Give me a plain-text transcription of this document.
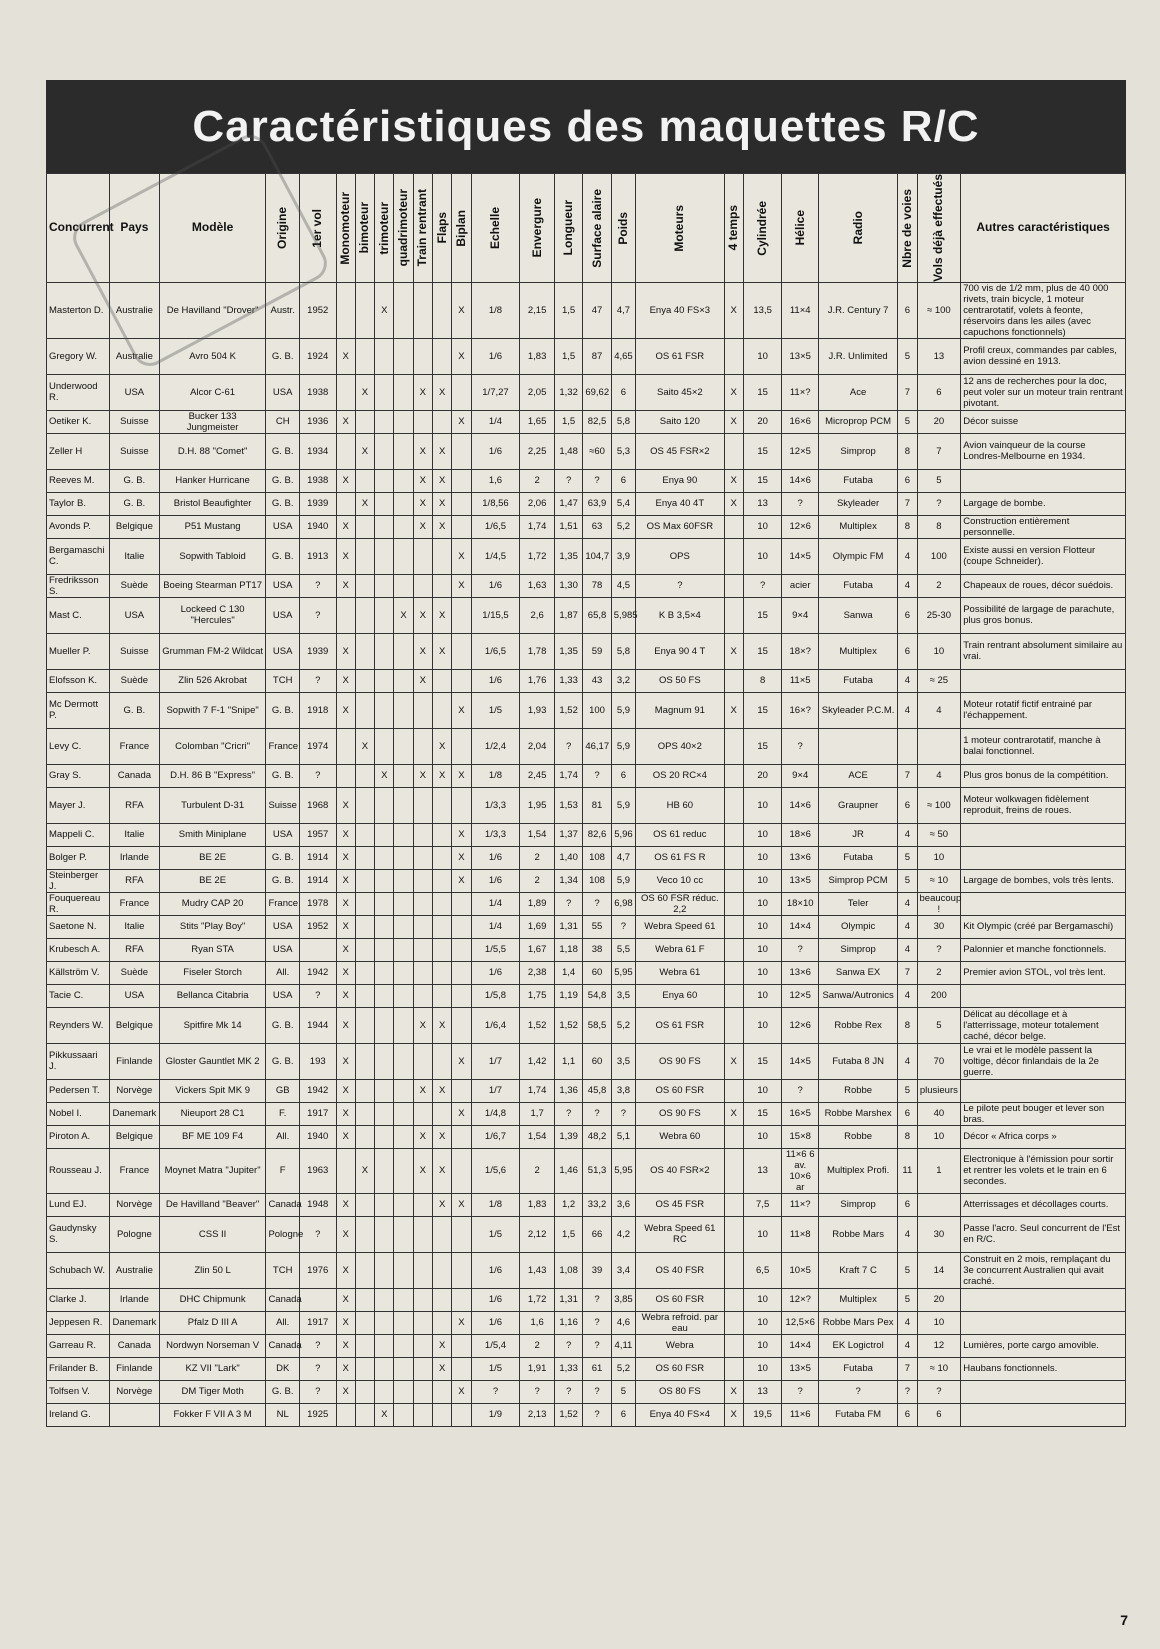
Caractéristiques des maquettes R/C
Concurrent	Pays	Modèle	Origine	1er vol	Monomoteur	bimoteur	trimoteur	quadrimoteur	Train rentrant	Flaps	Biplan	Echelle	Envergure	Longueur	Surface alaire	Poids	Moteurs	4 temps	Cylindrée	Hélice	Radio	Nbre de voies	Vols déjà effectués	Autres caractéristiques
Masterton D.	Australie	De Havilland "Drover"	Austr.	1952			X				X	1/8	2,15	1,5	47	4,7	Enya 40 FS×3	X	13,5	11×4	J.R. Century 7	6	≈ 100	700 vis de 1/2 mm, plus de 40 000 rivets, train bicycle, 1 moteur centrarotatif, volets à feonte, réservoirs dans les ailes (avec capuchons fonctionnels)
Gregory W.	Australie	Avro 504 K	G. B.	1924	X						X	1/6	1,83	1,5	87	4,65	OS 61 FSR		10	13×5	J.R. Unlimited	5	13	Profil creux, commandes par cables, avion dessiné en 1913.
Underwood R.	USA	Alcor C-61	USA	1938		X			X	X		1/7,27	2,05	1,32	69,62	6	Saito 45×2	X	15	11×?	Ace	7	6	12 ans de recherches pour la doc, peut voler sur un moteur train rentrant pivotant.
Oetiker K.	Suisse	Bucker 133 Jungmeister	CH	1936	X						X	1/4	1,65	1,5	82,5	5,8	Saito 120	X	20	16×6	Microprop PCM	5	20	Décor suisse
Zeller H	Suisse	D.H. 88 "Comet"	G. B.	1934		X			X	X		1/6	2,25	1,48	≈60	5,3	OS 45 FSR×2		15	12×5	Simprop	8	7	Avion vainqueur de la course Londres-Melbourne en 1934.
Reeves M.	G. B.	Hanker Hurricane	G. B.	1938	X				X	X		1,6	2	?	?	6	Enya 90	X	15	14×6	Futaba	6	5	
Taylor B.	G. B.	Bristol Beaufighter	G. B.	1939		X			X	X		1/8,56	2,06	1,47	63,9	5,4	Enya 40 4T	X	13	?	Skyleader	7	?	Largage de bombe.
Avonds P.	Belgique	P51 Mustang	USA	1940	X				X	X		1/6,5	1,74	1,51	63	5,2	OS Max 60FSR		10	12×6	Multiplex	8	8	Construction entièrement personnelle.
Bergamaschi C.	Italie	Sopwith Tabloid	G. B.	1913	X						X	1/4,5	1,72	1,35	104,7	3,9	OPS		10	14×5	Olympic FM	4	100	Existe aussi en version Flotteur (coupe Schneider).
Fredriksson S.	Suède	Boeing Stearman PT17	USA	?	X						X	1/6	1,63	1,30	78	4,5	?		?	acier	Futaba	4	2	Chapeaux de roues, décor suédois.
Mast C.	USA	Lockeed C 130 "Hercules"	USA	?				X	X	X		1/15,5	2,6	1,87	65,8	5,985	K B 3,5×4		15	9×4	Sanwa	6	25-30	Possibilité de largage de parachute, plus gros bonus.
Mueller P.	Suisse	Grumman FM-2 Wildcat	USA	1939	X				X	X		1/6,5	1,78	1,35	59	5,8	Enya 90 4 T	X	15	18×?	Multiplex	6	10	Train rentrant absolument similaire au vrai.
Elofsson K.	Suède	Zlin 526 Akrobat	TCH	?	X				X			1/6	1,76	1,33	43	3,2	OS 50 FS		8	11×5	Futaba	4	≈ 25	
Mc Dermott P.	G. B.	Sopwith 7 F-1 "Snipe"	G. B.	1918	X						X	1/5	1,93	1,52	100	5,9	Magnum 91	X	15	16×?	Skyleader P.C.M.	4	4	Moteur rotatif fictif entrainé par l'échappement.
Levy C.	France	Colomban "Cricri"	France	1974		X				X		1/2,4	2,04	?	46,17	5,9	OPS 40×2		15	?				1 moteur contrarotatif, manche à balai fonctionnel.
Gray S.	Canada	D.H. 86 B "Express"	G. B.	?			X		X	X	X	1/8	2,45	1,74	?	6	OS 20 RC×4		20	9×4	ACE	7	4	Plus gros bonus de la compétition.
Mayer J.	RFA	Turbulent D-31	Suisse	1968	X							1/3,3	1,95	1,53	81	5,9	HB 60		10	14×6	Graupner	6	≈ 100	Moteur wolkwagen fidèlement reproduit, freins de roues.
Mappeli C.	Italie	Smith Miniplane	USA	1957	X						X	1/3,3	1,54	1,37	82,6	5,96	OS 61 reduc		10	18×6	JR	4	≈ 50	
Bolger P.	Irlande	BE 2E	G. B.	1914	X						X	1/6	2	1,40	108	4,7	OS 61 FS R		10	13×6	Futaba	5	10	
Steinberger J.	RFA	BE 2E	G. B.	1914	X						X	1/6	2	1,34	108	5,9	Veco 10 cc		10	13×5	Simprop PCM	5	≈ 10	Largage de bombes, vols très lents.
Fouquereau R.	France	Mudry CAP 20	France	1978	X							1/4	1,89	?	?	6,98	OS 60 FSR réduc. 2,2		10	18×10	Teler	4	beaucoup !	
Saetone N.	Italie	Stits "Play Boy"	USA	1952	X							1/4	1,69	1,31	55	?	Webra Speed 61		10	14×4	Olympic	4	30	Kit Olympic (créé par Bergamaschi)
Krubesch A.	RFA	Ryan STA	USA		X							1/5,5	1,67	1,18	38	5,5	Webra 61 F		10	?	Simprop	4	?	Palonnier et manche fonctionnels.
Källström V.	Suède	Fiseler Storch	All.	1942	X							1/6	2,38	1,4	60	5,95	Webra 61		10	13×6	Sanwa EX	7	2	Premier avion STOL, vol très lent.
Tacie C.	USA	Bellanca Citabria	USA	?	X							1/5,8	1,75	1,19	54,8	3,5	Enya 60		10	12×5	Sanwa/Autronics	4	200	
Reynders W.	Belgique	Spitfire Mk 14	G. B.	1944	X				X	X		1/6,4	1,52	1,52	58,5	5,2	OS 61 FSR		10	12×6	Robbe Rex	8	5	Délicat au décollage et à l'atterrissage, moteur totalement caché, décor belge.
Pikkussaari J.	Finlande	Gloster Gauntlet MK 2	G. B.	193	X						X	1/7	1,42	1,1	60	3,5	OS 90 FS	X	15	14×5	Futaba 8 JN	4	70	Le vrai et le modèle passent la voltige, décor finlandais de la 2e guerre.
Pedersen T.	Norvège	Vickers Spit MK 9	GB	1942	X				X	X		1/7	1,74	1,36	45,8	3,8	OS 60 FSR		10	?	Robbe	5	plusieurs	
Nobel I.	Danemark	Nieuport 28 C1	F.	1917	X						X	1/4,8	1,7	?	?	?	OS 90 FS	X	15	16×5	Robbe Marshex	6	40	Le pilote peut bouger et lever son bras.
Piroton A.	Belgique	BF ME 109 F4	All.	1940	X				X	X		1/6,7	1,54	1,39	48,2	5,1	Webra 60		10	15×8	Robbe	8	10	Décor « Africa corps »
Rousseau J.	France	Moynet Matra "Jupiter"	F	1963		X			X	X		1/5,6	2	1,46	51,3	5,95	OS 40 FSR×2		13	11×6 6 av. 10×6 ar	Multiplex Profi.	11	1	Electronique à l'émission pour sortir et rentrer les volets et le train en 6 secondes.
Lund EJ.	Norvège	De Havilland "Beaver"	Canada	1948	X					X	X	1/8	1,83	1,2	33,2	3,6	OS 45 FSR		7,5	11×?	Simprop	6		Atterrissages et décollages courts.
Gaudynsky S.	Pologne	CSS II	Pologne	?	X							1/5	2,12	1,5	66	4,2	Webra Speed 61 RC		10	11×8	Robbe Mars	4	30	Passe l'acro. Seul concurrent de l'Est en R/C.
Schubach W.	Australie	Zlin 50 L	TCH	1976	X							1/6	1,43	1,08	39	3,4	OS 40 FSR		6,5	10×5	Kraft 7 C	5	14	Construit en 2 mois, remplaçant du 3e concurrent Australien qui avait craché.
Clarke J.	Irlande	DHC Chipmunk	Canada		X							1/6	1,72	1,31	?	3,85	OS 60 FSR		10	12×?	Multiplex	5	20	
Jeppesen R.	Danemark	Pfalz D III A	All.	1917	X						X	1/6	1,6	1,16	?	4,6	Webra refroid. par eau		10	12,5×6	Robbe Mars Pex	4	10	
Garreau R.	Canada	Nordwyn Norseman V	Canada	?	X					X		1/5,4	2	?	?	4,11	Webra		10	14×4	EK Logictrol	4	12	Lumières, porte cargo amovible.
Frilander B.	Finlande	KZ VII "Lark"	DK	?	X					X		1/5	1,91	1,33	61	5,2	OS 60 FSR		10	13×5	Futaba	7	≈ 10	Haubans fonctionnels.
Tolfsen V.	Norvège	DM Tiger Moth	G. B.	?	X						X	?	?	?	?	5	OS 80 FS	X	13	?	?	?	?	
Ireland G.		Fokker F VII A 3 M	NL	1925			X					1/9	2,13	1,52	?	6	Enya 40 FS×4	X	19,5	11×6	Futaba FM	6	6	
7
